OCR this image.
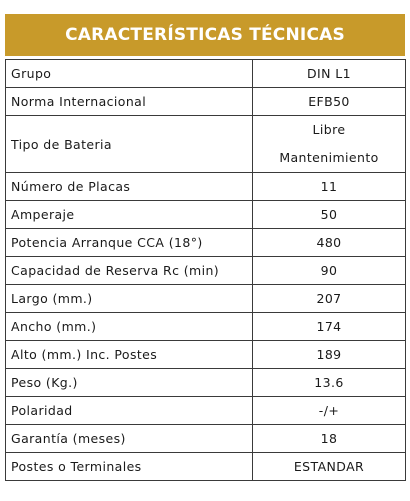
CARACTERÍSTICAS TÉCNICAS
Grupo	DIN L1
Norma Internacional	EFB50
Tipo de Bateria	Libre
Mantenimiento

Número de Placas	11
Amperaje	50
Potencia Arranque CCA (18°)	480
Capacidad de Reserva Rc (min)	90
Largo (mm.)	207
Ancho (mm.)	174
Alto (mm.) Inc. Postes	189
Peso (Kg.)	13.6
Polaridad	-/+
Garantía (meses)	18
Postes o Terminales	ESTANDAR
